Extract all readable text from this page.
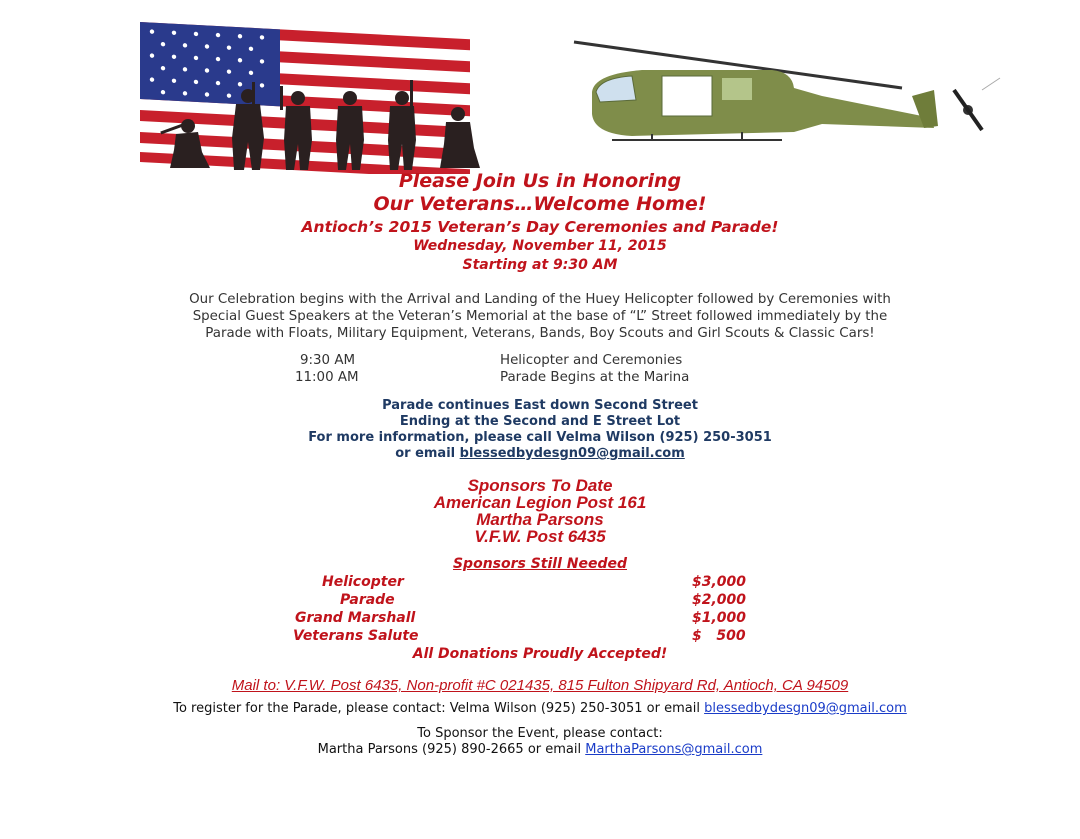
Please Join Us in Honoring
Our Veterans…Welcome Home!
Antioch’s 2015 Veteran’s Day Ceremonies and Parade!
Wednesday, November 11, 2015
Starting at 9:30 AM
Our Celebration begins with the Arrival and Landing of the Huey Helicopter followed by Ceremonies with
Special Guest Speakers at the Veteran’s Memorial at the base of “L” Street followed immediately by the
Parade with Floats, Military Equipment, Veterans, Bands, Boy Scouts and Girl Scouts & Classic Cars!
9:30 AM	Helicopter and Ceremonies
11:00 AM	Parade Begins at the Marina
Parade continues East down Second Street
Ending at the Second and E Street Lot
For more information, please call Velma Wilson (925) 250-3051
or email blessedbydesgn09@gmail.com
Sponsors To Date
American Legion Post 161
Martha Parsons
V.F.W. Post 6435
Sponsors Still Needed
Helicopter	$3,000
Parade	$2,000
Grand Marshall	$1,000
Veterans Salute	$   500
All Donations Proudly Accepted!
Mail to: V.F.W. Post 6435, Non-profit #C 021435, 815 Fulton Shipyard Rd, Antioch, CA 94509
To register for the Parade, please contact: Velma Wilson (925) 250-3051 or email blessedbydesgn09@gmail.com
To Sponsor the Event, please contact:
Martha Parsons (925) 890-2665 or email MarthaParsons@gmail.com
